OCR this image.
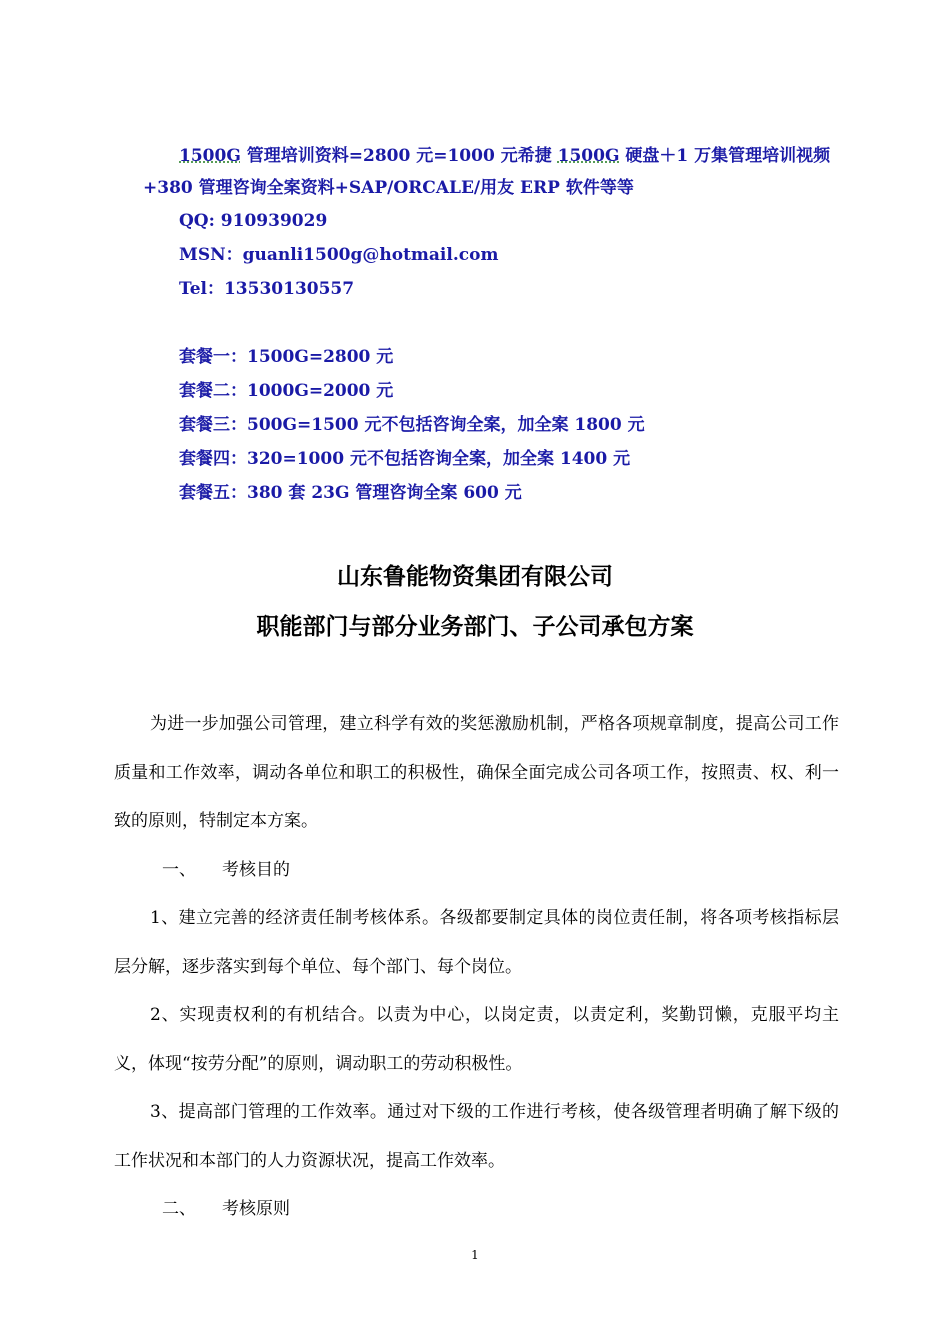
1500G 管理培训资料=2800 元=1000 元希捷 1500G 硬盘＋1 万集管理培训视频+380 管理咨询全案资料+SAP/ORCALE/用友 ERP 软件等等

QQ: 910939029

MSN：guanli1500g@hotmail.com

Tel：13530130557

套餐一：1500G=2800 元

套餐二：1000G=2000 元

套餐三：500G=1500 元不包括咨询全案，加全案 1800 元

套餐四：320=1000 元不包括咨询全案，加全案 1400 元

套餐五：380 套 23G 管理咨询全案 600 元

山东鲁能物资集团有限公司
职能部门与部分业务部门、子公司承包方案

为进一步加强公司管理，建立科学有效的奖惩激励机制，严格各项规章制度，提高公司工作质量和工作效率，调动各单位和职工的积极性，确保全面完成公司各项工作，按照责、权、利一致的原则，特制定本方案。

一、	考核目的

1、建立完善的经济责任制考核体系。各级都要制定具体的岗位责任制，将各项考核指标层层分解，逐步落实到每个单位、每个部门、每个岗位。

2、实现责权利的有机结合。以责为中心，以岗定责，以责定利，奖勤罚懒，克服平均主义，体现“按劳分配”的原则，调动职工的劳动积极性。

3、提高部门管理的工作效率。通过对下级的工作进行考核，使各级管理者明确了解下级的工作状况和本部门的人力资源状况，提高工作效率。

二、	考核原则

1
